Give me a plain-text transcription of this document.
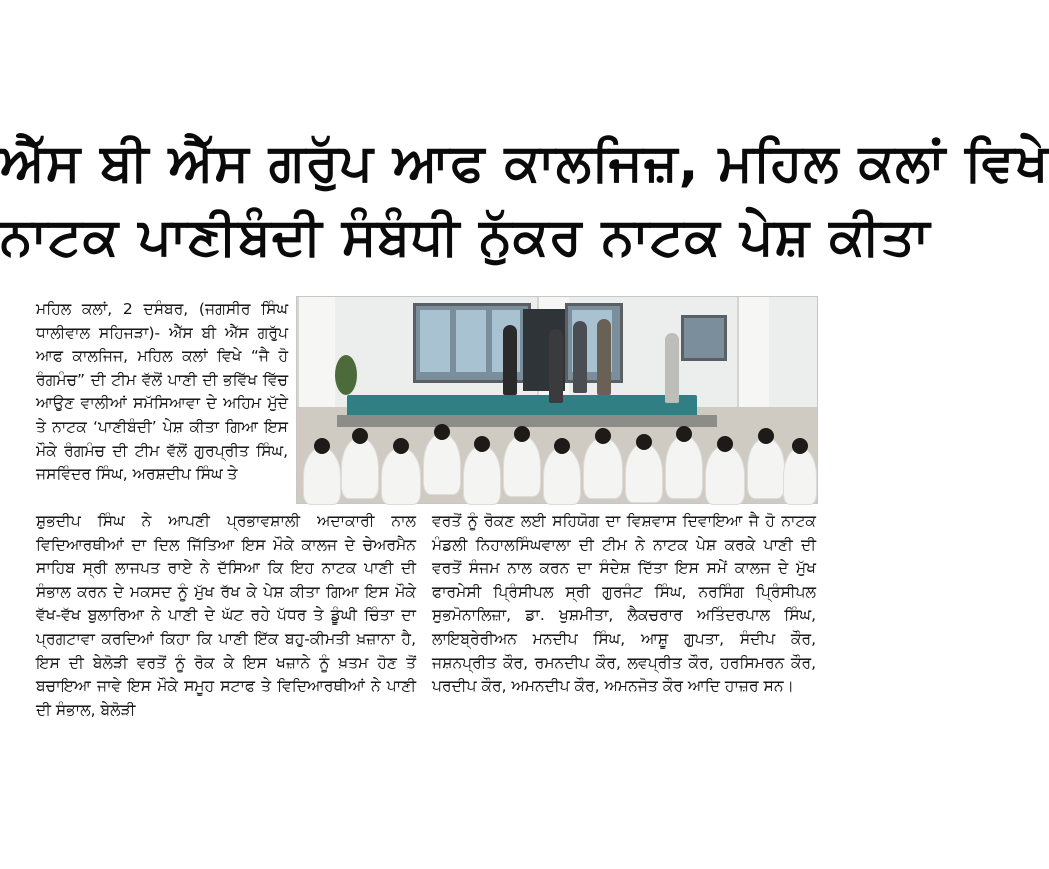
ਐੱਸ ਬੀ ਐੱਸ ਗਰੁੱਪ ਆਫ ਕਾਲਜਿਜ਼, ਮਹਿਲ ਕਲਾਂ ਵਿਖੇ
ਨਾਟਕ ਪਾਣੀਬੰਦੀ ਸੰਬੰਧੀ ਨੁੱਕਰ ਨਾਟਕ ਪੇਸ਼ ਕੀਤਾ

ਮਹਿਲ ਕਲਾਂ, 2 ਦਸੰਬਰ, (ਜਗਸੀਰ ਸਿੰਘ ਧਾਲੀਵਾਲ ਸਹਿਜੜਾ)- ਐੱਸ ਬੀ ਐੱਸ ਗਰੁੱਪ ਆਫ ਕਾਲਜਿਜ, ਮਹਿਲ ਕਲਾਂ ਵਿਖੇ “ਜੈ ਹੋ ਰੰਗਮੰਚ” ਦੀ ਟੀਮ ਵੱਲੋਂ ਪਾਣੀ ਦੀ ਭਵਿੱਖ ਵਿੱਚ ਆਉਣ ਵਾਲੀਆਂ ਸਮੱਸਿਆਵਾ ਦੇ ਅਹਿਮ ਮੁੱਦੇ ਤੇ ਨਾਟਕ ‘ਪਾਣੀਬੰਦੀ’ ਪੇਸ਼ ਕੀਤਾ ਗਿਆ ਇਸ ਮੌਕੇ ਰੰਗਮੰਚ ਦੀ ਟੀਮ ਵੱਲੋਂ ਗੁਰਪ੍ਰੀਤ ਸਿੰਘ, ਜਸਵਿੰਦਰ ਸਿੰਘ, ਅਰਸ਼ਦੀਪ ਸਿੰਘ ਤੇ

ਸ਼ੁਭਦੀਪ ਸਿੰਘ ਨੇ ਆਪਣੀ ਪ੍ਰਭਾਵਸ਼ਾਲੀ ਅਦਾਕਾਰੀ ਨਾਲ ਵਿਦਿਆਰਥੀਆਂ ਦਾ ਦਿਲ ਜਿੱਤਿਆ ਇਸ ਮੌਕੇ ਕਾਲਜ ਦੇ ਚੇਅਰਮੈਨ ਸਾਹਿਬ ਸ੍ਰੀ ਲਾਜਪਤ ਰਾਏ ਨੇ ਦੱਸਿਆ ਕਿ ਇਹ ਨਾਟਕ ਪਾਣੀ ਦੀ ਸੰਭਾਲ ਕਰਨ ਦੇ ਮਕਸਦ ਨੂੰ ਮੁੱਖ ਰੱਖ ਕੇ ਪੇਸ਼ ਕੀਤਾ ਗਿਆ ਇਸ ਮੌਕੇ ਵੱਖ-ਵੱਖ ਬੁਲਾਰਿਆ ਨੇ ਪਾਣੀ ਦੇ ਘੱਟ ਰਹੇ ਪੱਧਰ ਤੇ ਡੂੰਘੀ ਚਿੰਤਾ ਦਾ ਪ੍ਰਗਟਾਵਾ ਕਰਦਿਆਂ ਕਿਹਾ ਕਿ ਪਾਣੀ ਇੱਕ ਬਹੁ-ਕੀਮਤੀ ਖ਼ਜ਼ਾਨਾ ਹੈ, ਇਸ ਦੀ ਬੇਲੋੜੀ ਵਰਤੋਂ ਨੂੰ ਰੋਕ ਕੇ ਇਸ ਖਜ਼ਾਨੇ ਨੂੰ ਖ਼ਤਮ ਹੋਣ ਤੋਂ ਬਚਾਇਆ ਜਾਵੇ ਇਸ ਮੌਕੇ ਸਮੂਹ ਸਟਾਫ ਤੇ ਵਿਦਿਆਰਥੀਆਂ ਨੇ ਪਾਣੀ ਦੀ ਸੰਭਾਲ, ਬੇਲੋੜੀ

ਵਰਤੋਂ ਨੂੰ ਰੋਕਣ ਲਈ ਸਹਿਯੋਗ ਦਾ ਵਿਸ਼ਵਾਸ ਦਿਵਾਇਆ ਜੈ ਹੋ ਨਾਟਕ ਮੰਡਲੀ ਨਿਹਾਲਸਿੰਘਵਾਲਾ ਦੀ ਟੀਮ ਨੇ ਨਾਟਕ ਪੇਸ਼ ਕਰਕੇ ਪਾਣੀ ਦੀ ਵਰਤੋਂ ਸੰਜਮ ਨਾਲ ਕਰਨ ਦਾ ਸੰਦੇਸ਼ ਦਿੱਤਾ ਇਸ ਸਮੇਂ ਕਾਲਜ ਦੇ ਮੁੱਖ ਫਾਰਮੇਸੀ ਪ੍ਰਿੰਸੀਪਲ ਸ੍ਰੀ ਗੁਰਜੰਟ ਸਿੰਘ, ਨਰਸਿੰਗ ਪ੍ਰਿੰਸੀਪਲ ਸੁਭਮੋਨਾਲਿਜ਼ਾ, ਡਾ. ਖੁਸ਼ਮੀਤਾ, ਲੈਕਚਰਾਰ ਅਤਿੰਦਰਪਾਲ ਸਿੰਘ, ਲਾਇਬ੍ਰੇਰੀਅਨ ਮਨਦੀਪ ਸਿੰਘ, ਆਸ਼ੂ ਗੁਪਤਾ, ਸੰਦੀਪ ਕੌਰ, ਜਸ਼ਨਪ੍ਰੀਤ ਕੌਰ, ਰਮਨਦੀਪ ਕੌਰ, ਲਵਪ੍ਰੀਤ ਕੌਰ, ਹਰਸਿਮਰਨ ਕੌਰ, ਪਰਦੀਪ ਕੌਰ, ਅਮਨਦੀਪ ਕੌਰ, ਅਮਨਜੋਤ ਕੌਰ ਆਦਿ ਹਾਜ਼ਰ ਸਨ।
